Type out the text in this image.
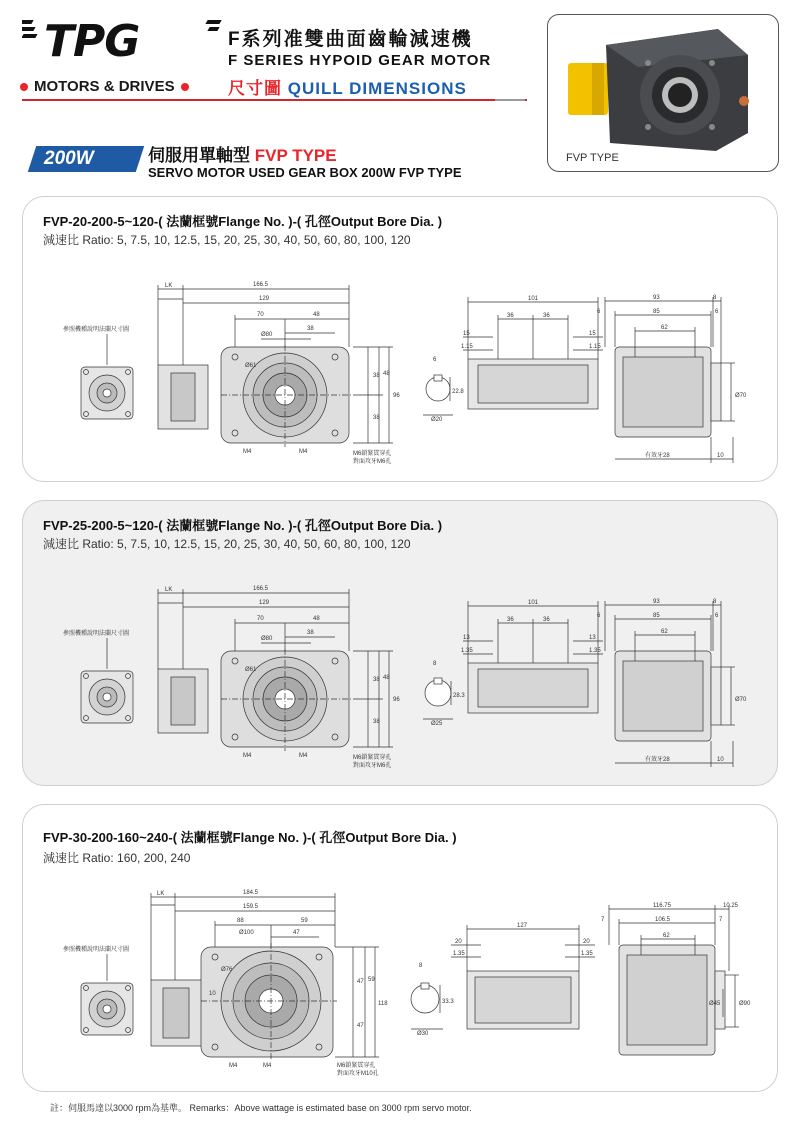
TPG
MOTORS & DRIVES
F系列准雙曲面齒輪減速機
F SERIES HYPOID GEAR MOTOR
尺寸圖 QUILL DIMENSIONS
FVP TYPE
200W	伺服用單軸型 FVP TYPE
SERVO MOTOR USED GEAR BOX 200W FVP TYPE
FVP-20-200-5~120-( 法蘭框號Flange No. )-( 孔徑Output Bore Dia. )
減速比 Ratio: 5, 7.5, 10, 12.5, 15, 20, 25, 30, 40, 50, 60, 80, 100, 120
參照機種說明法蘭尺寸圖
LK	166.5
129
70	48
38
Ø80
Ø61
38
38
48
96
M4	M4	M6鎖緊貫穿孔
對面攻牙M6孔
6
22.8
Ø20
101
36	36
15	15
1.15	1.15
93	8
85
6	6
62
Ø70
有效牙28	10
FVP-25-200-5~120-( 法蘭框號Flange No. )-( 孔徑Output Bore Dia. )
減速比 Ratio: 5, 7.5, 10, 12.5, 15, 20, 25, 30, 40, 50, 60, 80, 100, 120
參照機種說明法蘭尺寸圖
LK	166.5
129
70	48
38
Ø80
Ø61
38
38
48
96
M4	M4	M6鎖緊貫穿孔
對面攻牙M6孔
8
28.3
Ø25
101
36	36
13	13
1.35	1.35
93	8
85
6	6
62
Ø70
有效牙28	10
FVP-30-200-160~240-( 法蘭框號Flange No. )-( 孔徑Output Bore Dia. )
減速比 Ratio: 160, 200, 240
參照機種說明法蘭尺寸圖
LK	184.5
159.5
88	59
47
Ø100
Ø76
10
47
47
59
118
M4	M4	M6鎖緊貫穿孔
對面攻牙M10孔
8
33.3
Ø30
127
20	20
1.35	1.35
116.75	10.25
106.5
7	7
62
Ø90
Ø45
註：伺服馬達以3000 rpm為基準。 Remarks：Above wattage is estimated base on 3000 rpm servo motor.
